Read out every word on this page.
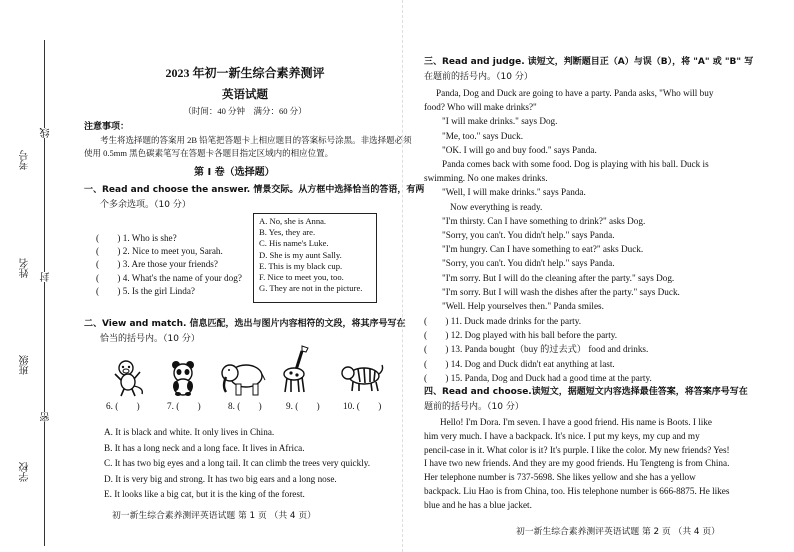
线
封
密
考号
姓名
班级
学校
2023 年初一新生综合素养测评
英语试题
（时间：40 分钟　满分：60 分）
注意事项：
考生将选择题的答案用 2B 铅笔把答题卡上相应题目的答案标号涂黑。非选择题必须
使用 0.5mm 黑色碳素笔写在答题卡各题目指定区域内的相应位置。
第 Ⅰ 卷（选择题）
一、Read and choose the answer. 情景交际。从方框中选择恰当的答语，有两
个多余选项。（10 分）
(　　) 1. Who is she?
(　　) 2. Nice to meet you, Sarah.
(　　) 3. Are those your friends?
(　　) 4. What's the name of your dog?
(　　) 5. Is the girl Linda?
A. No, she is Anna.
B. Yes, they are.
C. His name's Luke.
D. She is my aunt Sally.
E. This is my black cup.
F. Nice to meet you, too.
G. They are not in the picture.
二、View and match. 信息匹配，选出与图片内容相符的文段，将其序号写在
恰当的括号内。（10 分）
6. (　　)	7. (　　)	8. (　　)	9. (　　)	10. (　　)
A. It is black and white. It only lives in China.
B. It has a long neck and a long face. It lives in Africa.
C. It has two big eyes and a long tail. It can climb the trees very quickly.
D. It is very big and strong. It has two big ears and a long nose.
E. It looks like a big cat, but it is the king of the forest.
初一新生综合素养测评英语试题 第 1 页 （共 4 页）
三、Read and judge. 读短文，判断题目正（A）与误（B），将 "A" 或 "B" 写
在题前的括号内。（10 分）
Panda, Dog and Duck are going to have a party. Panda asks, "Who will buy
food? Who will make drinks?"
"I will make drinks." says Dog.
"Me, too." says Duck.
"OK. I will go and buy food." says Panda.
Panda comes back with some food. Dog is playing with his ball. Duck is
swimming. No one makes drinks.
"Well, I will make drinks." says Panda.
Now everything is ready.
"I'm thirsty. Can I have something to drink?" asks Dog.
"Sorry, you can't. You didn't help." says Panda.
"I'm hungry. Can I have something to eat?" asks Duck.
"Sorry, you can't. You didn't help." says Panda.
"I'm sorry. But I will do the cleaning after the party." says Dog.
"I'm sorry. But I will wash the dishes after the party." says Duck.
"Well. Help yourselves then." Panda smiles.
(　　) 11. Duck made drinks for the party.
(　　) 12. Dog played with his ball before the party.
(　　) 13. Panda bought（buy 的过去式） food and drinks.
(　　) 14. Dog and Duck didn't eat anything at last.
(　　) 15. Panda, Dog and Duck had a good time at the party.
四、Read and choose.读短文，据题短文内容选择最佳答案，将答案序号写在
题前的括号内。（10 分）
Hello! I'm Dora. I'm seven. I have a good friend. His name is Boots. I like
him very much. I have a backpack. It's nice. I put my keys, my cup and my
pencil-case in it. What color is it? It's purple. I like the color. My new friends? Yes!
I have two new friends. And they are my good friends. Hu Tengteng is from China.
Her telephone number is 737-5698. She likes yellow and she has a yellow
backpack. Liu Hao is from China, too. His telephone number is 666-8875. He likes
blue and he has a blue jacket.
初一新生综合素养测评英语试题 第 2 页 （共 4 页）
